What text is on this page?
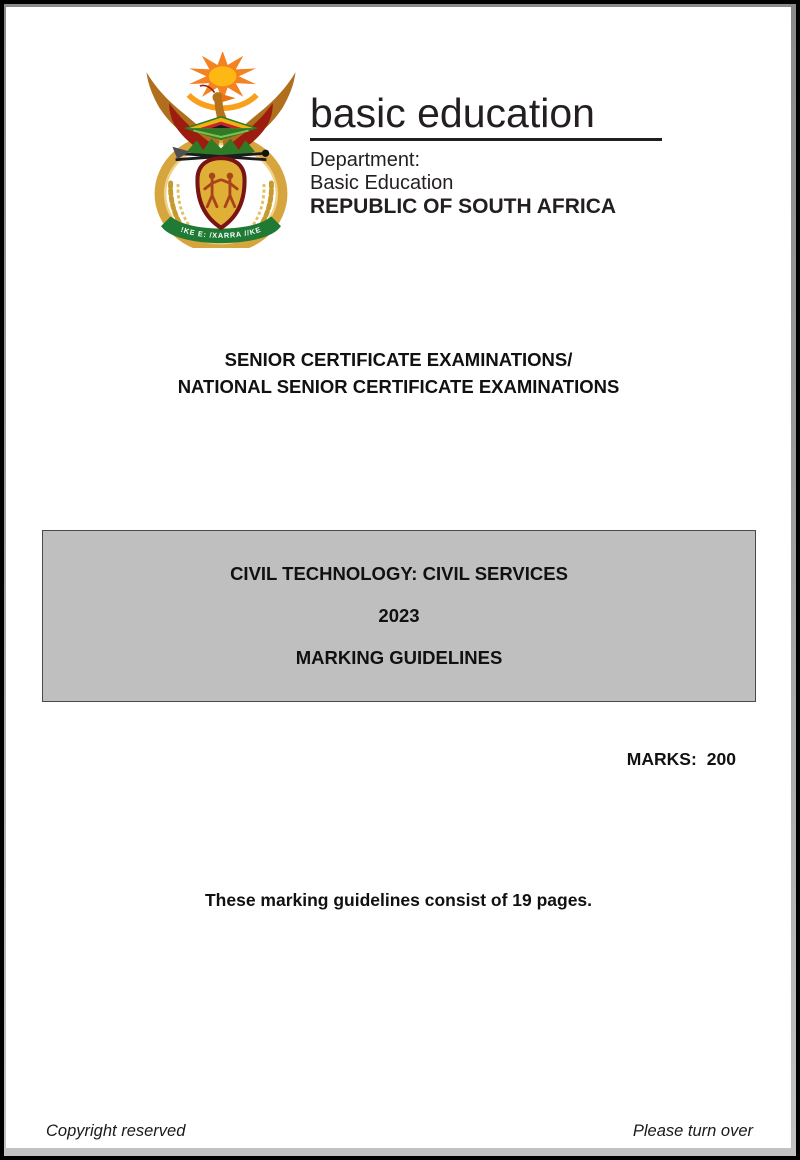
!KE E: /XARRA //KE
basic education
Department:
Basic Education
REPUBLIC OF SOUTH AFRICA
SENIOR CERTIFICATE EXAMINATIONS/
NATIONAL SENIOR CERTIFICATE EXAMINATIONS
CIVIL TECHNOLOGY: CIVIL SERVICES
2023
MARKING GUIDELINES
MARKS: 200
These marking guidelines consist of 19 pages.
Copyright reserved	Please turn over
